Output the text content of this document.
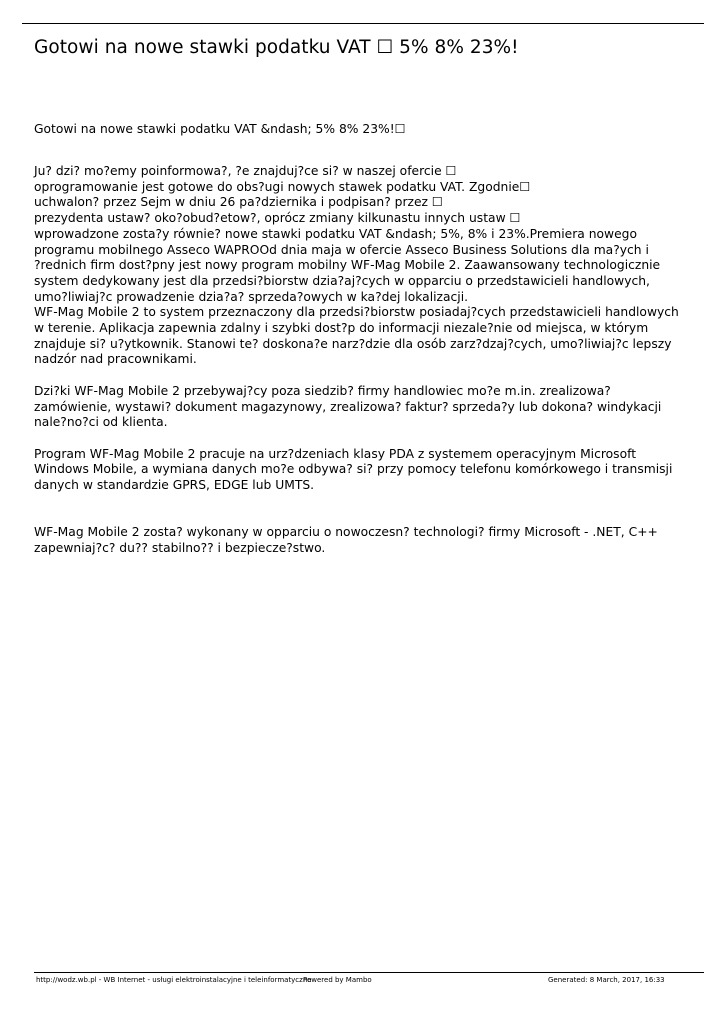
Gotowi na nowe stawki podatku VAT ☐ 5% 8% 23%!
Gotowi na nowe stawki podatku VAT &ndash; 5% 8% 23%!☐
Ju? dzi? mo?emy poinformowa?, ?e znajduj?ce si? w naszej ofercie ☐
oprogramowanie jest gotowe do obs?ugi nowych stawek podatku VAT. Zgodnie☐
uchwalon? przez Sejm w dniu 26 pa?dziernika i podpisan? przez ☐
prezydenta ustaw? oko?obud?etow?, oprócz zmiany kilkunastu innych ustaw ☐
wprowadzone zosta?y równie? nowe stawki podatku VAT &ndash; 5%, 8% i 23%.Premiera nowego
programu mobilnego Asseco WAPROOd dnia maja w ofercie Asseco Business Solutions dla ma?ych i
?rednich firm dost?pny jest nowy program mobilny WF-Mag Mobile 2. Zaawansowany technologicznie
system dedykowany jest dla przedsi?biorstw dzia?aj?cych w opparciu o przedstawicieli handlowych,
umo?liwiaj?c prowadzenie dzia?a? sprzeda?owych w ka?dej lokalizacji.
WF-Mag Mobile 2 to system przeznaczony dla przedsi?biorstw posiadaj?cych przedstawicieli handlowych
w terenie. Aplikacja zapewnia zdalny i szybki dost?p do informacji niezale?nie od miejsca, w którym
znajduje si? u?ytkownik. Stanowi te? doskona?e narz?dzie dla osób zarz?dzaj?cych, umo?liwiaj?c lepszy
nadzór nad pracownikami.
Dzi?ki WF-Mag Mobile 2 przebywaj?cy poza siedzib? firmy handlowiec mo?e m.in. zrealizowa?
zamówienie, wystawi? dokument magazynowy, zrealizowa? faktur? sprzeda?y lub dokona? windykacji
nale?no?ci od klienta.
Program WF-Mag Mobile 2 pracuje na urz?dzeniach klasy PDA z systemem operacyjnym Microsoft
Windows Mobile, a wymiana danych mo?e odbywa? si? przy pomocy telefonu komórkowego i transmisji
danych w standardzie GPRS, EDGE lub UMTS.
WF-Mag Mobile 2 zosta? wykonany w opparciu o nowoczesn? technologi? firmy Microsoft - .NET, C++
zapewniaj?c? du?? stabilno?? i bezpiecze?stwo.
http://wodz.wb.pl - WB Internet - usługi elektroinstalacyjne i teleinformatyczne
Powered by Mambo	Generated: 8 March, 2017, 16:33
